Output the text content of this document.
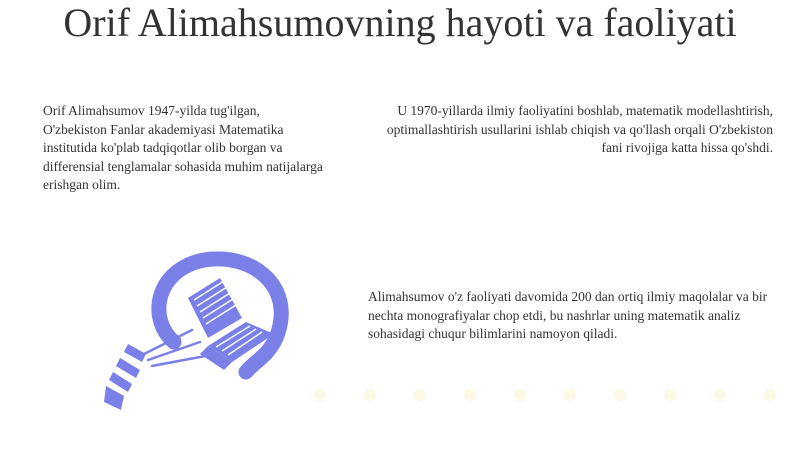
Orif Alimahsumovning hayoti va faoliyati

Orif Alimahsumov 1947-yilda tug'ilgan, O'zbekiston Fanlar akademiyasi Matematika institutida ko'plab tadqiqotlar olib borgan va differensial tenglamalar sohasida muhim natijalarga erishgan olim.

U 1970-yillarda ilmiy faoliyatini boshlab, matematik modellashtirish, optimallashtirish usullarini ishlab chiqish va qo'llash orqali O'zbekiston fani rivojiga katta hissa qo'shdi.

Alimahsumov o'z faoliyati davomida 200 dan ortiq ilmiy maqolalar va bir nechta monografiyalar chop etdi, bu nashrlar uning matematik analiz sohasidagi chuqur bilimlarini namoyon qiladi.
